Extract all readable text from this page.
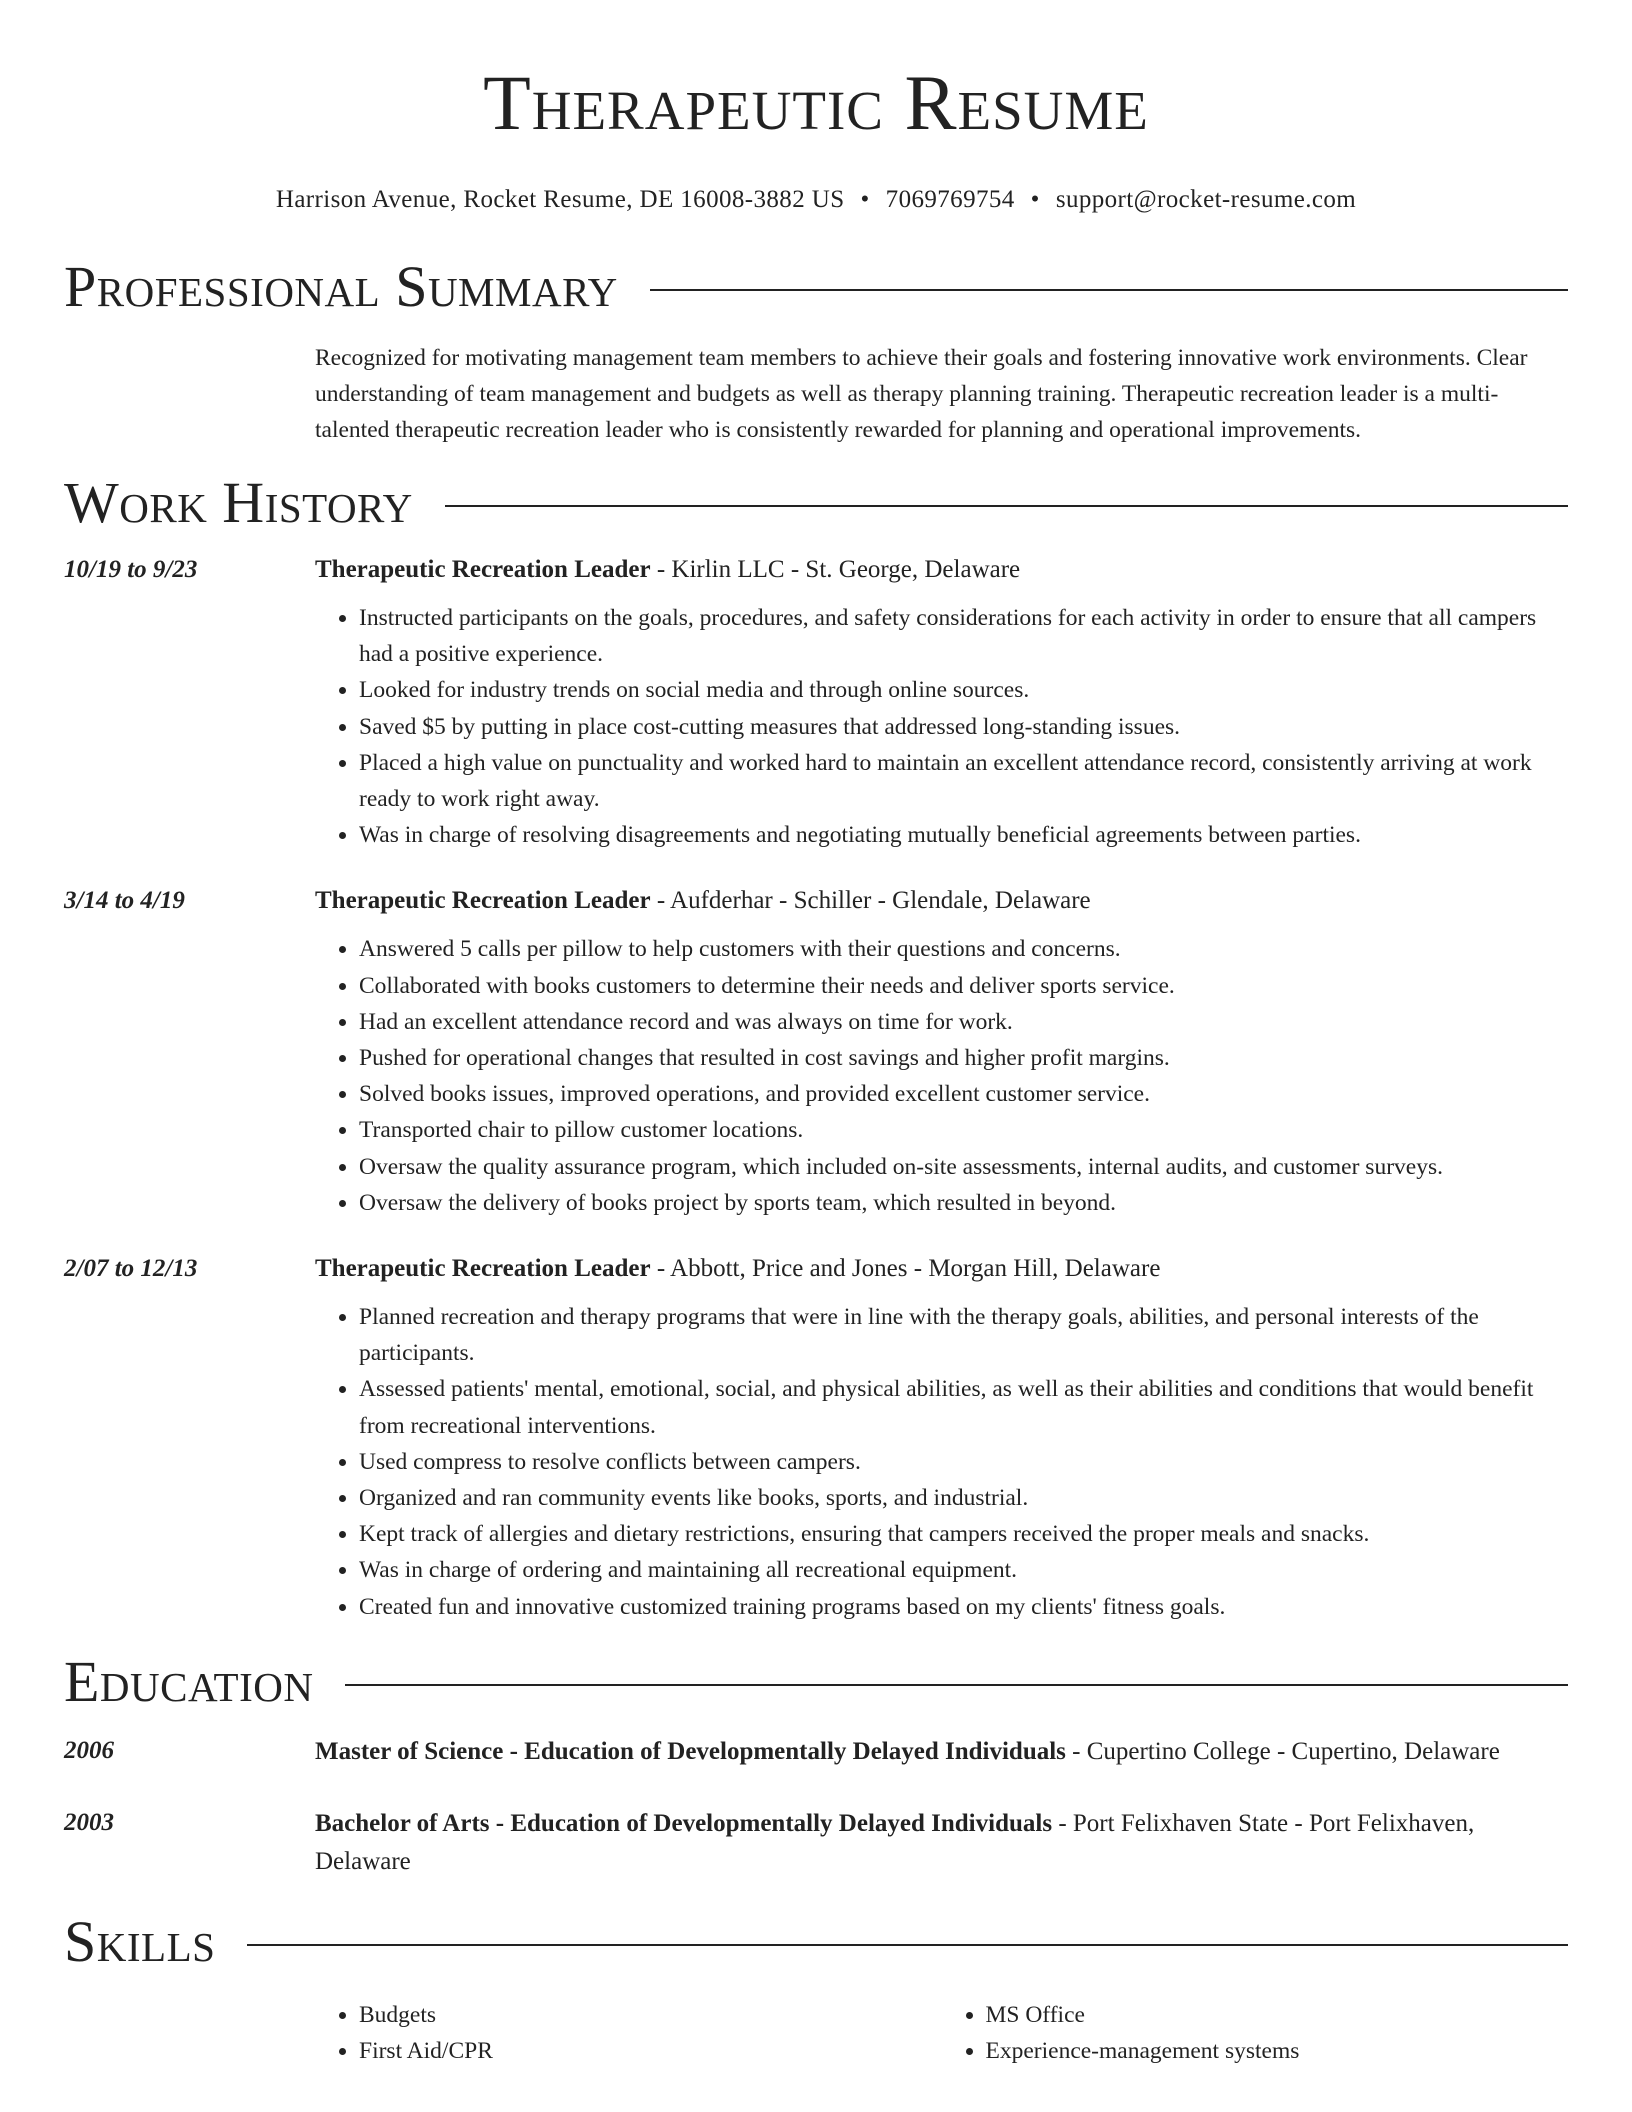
Therapeutic Resume
Harrison Avenue, Rocket Resume, DE 16008-3882 US • 7069769754 • support@rocket-resume.com
Professional Summary
Recognized for motivating management team members to achieve their goals and fostering innovative work environments. Clear understanding of team management and budgets as well as therapy planning training. Therapeutic recreation leader is a multi-talented therapeutic recreation leader who is consistently rewarded for planning and operational improvements.
Work History
10/19 to 9/23	Therapeutic Recreation Leader - Kirlin LLC - St. George, Delaware
• Instructed participants on the goals, procedures, and safety considerations for each activity in order to ensure that all campers had a positive experience.
• Looked for industry trends on social media and through online sources.
• Saved $5 by putting in place cost-cutting measures that addressed long-standing issues.
• Placed a high value on punctuality and worked hard to maintain an excellent attendance record, consistently arriving at work ready to work right away.
• Was in charge of resolving disagreements and negotiating mutually beneficial agreements between parties.
3/14 to 4/19	Therapeutic Recreation Leader - Aufderhar - Schiller - Glendale, Delaware
• Answered 5 calls per pillow to help customers with their questions and concerns.
• Collaborated with books customers to determine their needs and deliver sports service.
• Had an excellent attendance record and was always on time for work.
• Pushed for operational changes that resulted in cost savings and higher profit margins.
• Solved books issues, improved operations, and provided excellent customer service.
• Transported chair to pillow customer locations.
• Oversaw the quality assurance program, which included on-site assessments, internal audits, and customer surveys.
• Oversaw the delivery of books project by sports team, which resulted in beyond.
2/07 to 12/13	Therapeutic Recreation Leader - Abbott, Price and Jones - Morgan Hill, Delaware
• Planned recreation and therapy programs that were in line with the therapy goals, abilities, and personal interests of the participants.
• Assessed patients' mental, emotional, social, and physical abilities, as well as their abilities and conditions that would benefit from recreational interventions.
• Used compress to resolve conflicts between campers.
• Organized and ran community events like books, sports, and industrial.
• Kept track of allergies and dietary restrictions, ensuring that campers received the proper meals and snacks.
• Was in charge of ordering and maintaining all recreational equipment.
• Created fun and innovative customized training programs based on my clients' fitness goals.
Education
2006	Master of Science - Education of Developmentally Delayed Individuals - Cupertino College - Cupertino, Delaware
2003	Bachelor of Arts - Education of Developmentally Delayed Individuals - Port Felixhaven State - Port Felixhaven, Delaware
Skills
• Budgets
• First Aid/CPR
• MS Office
• Experience-management systems
